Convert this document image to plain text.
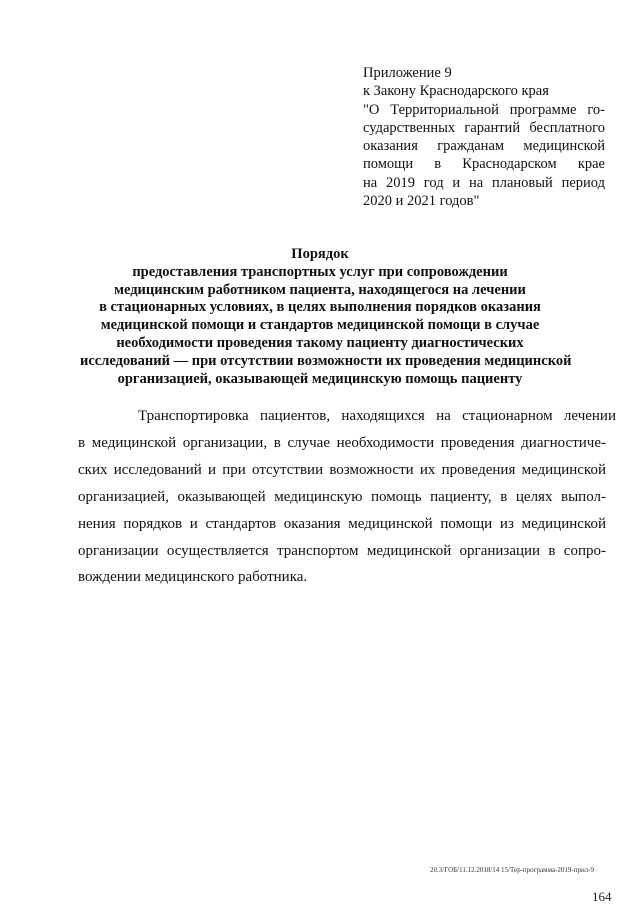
Приложение 9
к Закону Краснодарского края
"О Территориальной программе го-
сударственных гарантий бесплатного
оказания гражданам медицинской
помощи в Краснодарском крае
на 2019 год и на плановый период
2020 и 2021 годов"
Порядок
предоставления транспортных услуг при сопровождении
медицинским работником пациента, находящегося на лечении
в стационарных условиях, в целях выполнения порядков оказания
медицинской помощи и стандартов медицинской помощи в случае
необходимости проведения такому пациенту диагностических
исследований — при отсутствии возможности их проведения медицинской
организацией, оказывающей медицинскую помощь пациенту
Транспортировка пациентов, находящихся на стационарном лечении
в медицинской организации, в случае необходимости проведения диагностиче-
ских исследований и при отсутствии возможности их проведения медицинской
организацией, оказывающей медицинскую помощь пациенту, в целях выпол-
нения порядков и стандартов оказания медицинской помощи из медицинской
организации осуществляется транспортом медицинской организации в сопро-
вождении медицинского работника.
20.3/ГОБ/11.12.2018/14 15/Тер-программа-2019-прил-9
164
